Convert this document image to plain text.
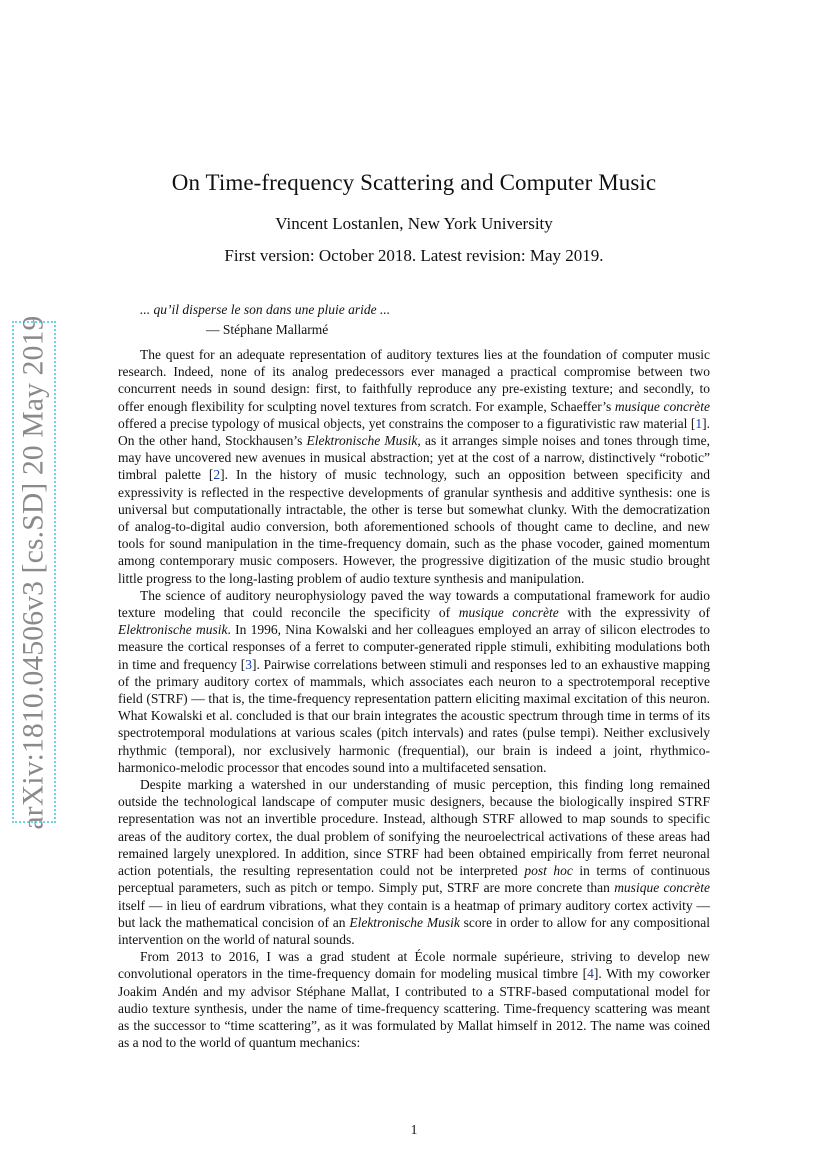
arXiv:1810.04506v3 [cs.SD] 20 May 2019
On Time-frequency Scattering and Computer Music
Vincent Lostanlen, New York University
First version: October 2018. Latest revision: May 2019.
... qu’il disperse le son dans une pluie aride ...
— Stéphane Mallarmé

The quest for an adequate representation of auditory textures lies at the foundation of computer music research. Indeed, none of its analog predecessors ever managed a practical compromise between two concurrent needs in sound design: first, to faithfully reproduce any pre-existing texture; and secondly, to offer enough flexibility for sculpting novel textures from scratch. For example, Schaeffer’s musique concrète offered a precise typology of musical objects, yet constrains the composer to a figurativistic raw material [1]. On the other hand, Stockhausen’s Elektronische Musik, as it arranges simple noises and tones through time, may have uncovered new avenues in musical abstraction; yet at the cost of a narrow, distinctively “robotic” timbral palette [2]. In the history of music technology, such an opposition between specificity and expressivity is reflected in the respective developments of granular synthesis and additive synthesis: one is universal but computationally intractable, the other is terse but somewhat clunky. With the democratization of analog-to-digital audio conversion, both aforementioned schools of thought came to decline, and new tools for sound manipulation in the time-frequency domain, such as the phase vocoder, gained momentum among contemporary music composers. However, the progressive digitization of the music studio brought little progress to the long-lasting problem of audio texture synthesis and manipulation.

The science of auditory neurophysiology paved the way towards a computational framework for audio texture modeling that could reconcile the specificity of musique concrète with the expressivity of Elektronische musik. In 1996, Nina Kowalski and her colleagues employed an array of silicon electrodes to measure the cortical responses of a ferret to computer-generated ripple stimuli, exhibiting modulations both in time and frequency [3]. Pairwise correlations between stimuli and responses led to an exhaustive mapping of the primary auditory cortex of mammals, which associates each neuron to a spectrotemporal receptive field (STRF) — that is, the time-frequency representation pattern eliciting maximal excitation of this neuron. What Kowalski et al. concluded is that our brain integrates the acoustic spectrum through time in terms of its spectrotemporal modulations at various scales (pitch intervals) and rates (pulse tempi). Neither exclusively rhythmic (temporal), nor exclusively harmonic (frequential), our brain is indeed a joint, rhythmico-harmonico-melodic processor that encodes sound into a multifaceted sensation.

Despite marking a watershed in our understanding of music perception, this finding long remained outside the technological landscape of computer music designers, because the biologically inspired STRF representation was not an invertible procedure. Instead, although STRF allowed to map sounds to specific areas of the auditory cortex, the dual problem of sonifying the neuroelectrical activations of these areas had remained largely unexplored. In addition, since STRF had been obtained empirically from ferret neuronal action potentials, the resulting representation could not be interpreted post hoc in terms of continuous perceptual parameters, such as pitch or tempo. Simply put, STRF are more concrete than musique concrète itself — in lieu of eardrum vibrations, what they contain is a heatmap of primary auditory cortex activity — but lack the mathematical concision of an Elektronische Musik score in order to allow for any compositional intervention on the world of natural sounds.

From 2013 to 2016, I was a grad student at École normale supérieure, striving to develop new convolutional operators in the time-frequency domain for modeling musical timbre [4]. With my coworker Joakim Andén and my advisor Stéphane Mallat, I contributed to a STRF-based computational model for audio texture synthesis, under the name of time-frequency scattering. Time-frequency scattering was meant as the successor to “time scattering”, as it was formulated by Mallat himself in 2012. The name was coined as a nod to the world of quantum mechanics:

1
